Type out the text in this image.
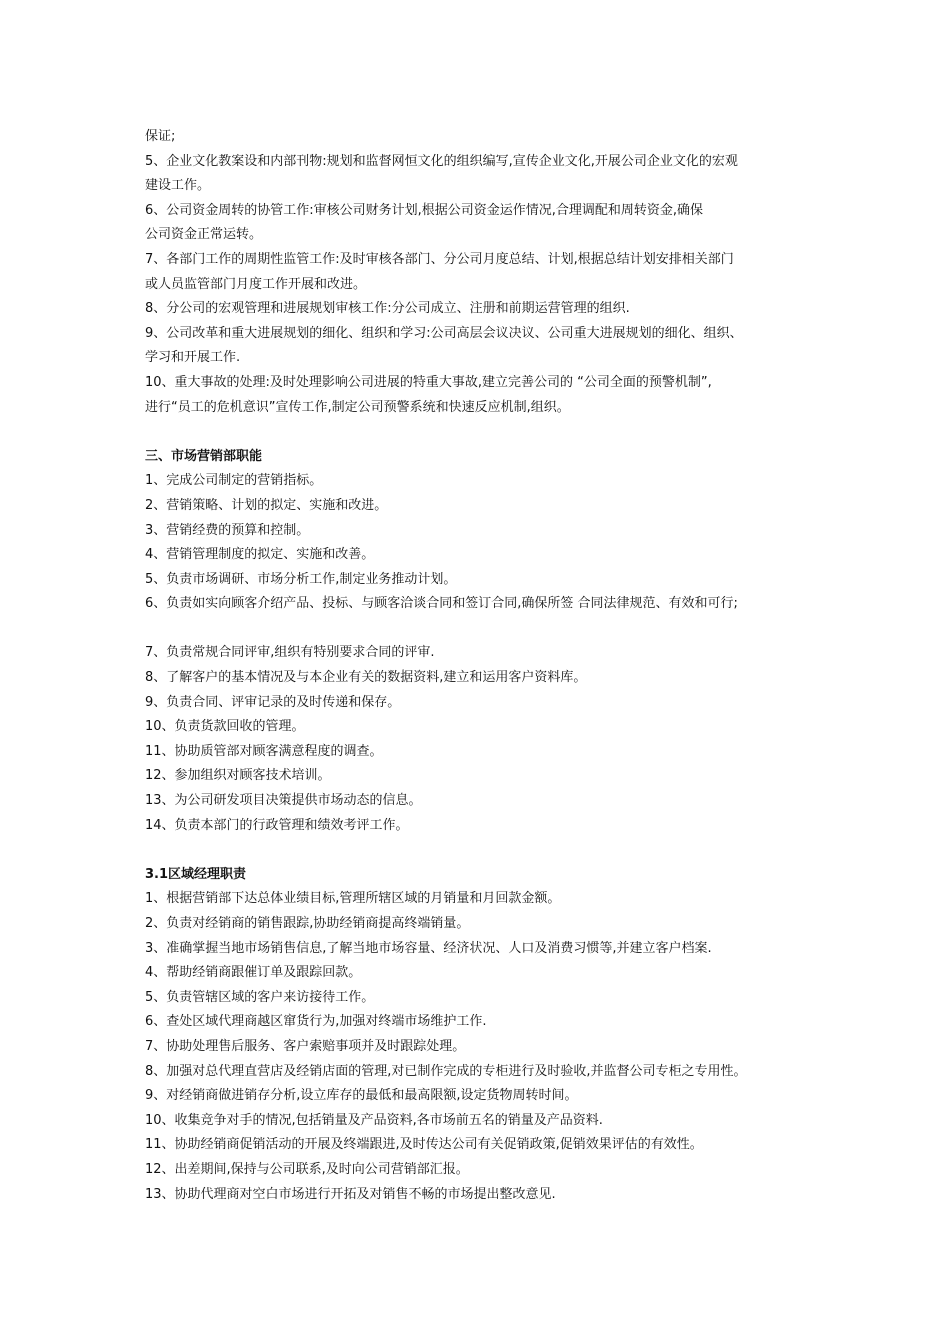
保证;

5、企业文化教案设和内部刊物:规划和监督网恒文化的组织编写,宣传企业文化,开展公司企业文化的宏观

建设工作。

6、公司资金周转的协管工作:审核公司财务计划,根据公司资金运作情况,合理调配和周转资金,确保

公司资金正常运转。

7、各部门工作的周期性监管工作:及时审核各部门、分公司月度总结、计划,根据总结计划安排相关部门

或人员监管部门月度工作开展和改进。

8、分公司的宏观管理和进展规划审核工作:分公司成立、注册和前期运营管理的组织.

9、公司改革和重大进展规划的细化、组织和学习:公司高层会议决议、公司重大进展规划的细化、组织、

学习和开展工作.

10、重大事故的处理:及时处理影响公司进展的特重大事故,建立完善公司的 “公司全面的预警机制”,

进行“员工的危机意识”宣传工作,制定公司预警系统和快速反应机制,组织。

三、市场营销部职能

1、完成公司制定的营销指标。

2、营销策略、计划的拟定、实施和改进。

3、营销经费的预算和控制。

4、营销管理制度的拟定、实施和改善。

5、负责市场调研、市场分析工作,制定业务推动计划。

6、负责如实向顾客介绍产品、投标、与顾客洽谈合同和签订合同,确保所签 合同法律规范、有效和可行;

7、负责常规合同评审,组织有特别要求合同的评审.

8、了解客户的基本情况及与本企业有关的数据资料,建立和运用客户资料库。

9、负责合同、评审记录的及时传递和保存。

10、负责货款回收的管理。

11、协助质管部对顾客满意程度的调查。

12、参加组织对顾客技术培训。

13、为公司研发项目决策提供市场动态的信息。

14、负责本部门的行政管理和绩效考评工作。

3.1区域经理职责

1、根据营销部下达总体业绩目标,管理所辖区域的月销量和月回款金额。

2、负责对经销商的销售跟踪,协助经销商提高终端销量。

3、准确掌握当地市场销售信息,了解当地市场容量、经济状况、人口及消费习惯等,并建立客户档案.

4、帮助经销商跟催订单及跟踪回款。

5、负责管辖区域的客户来访接待工作。

6、查处区域代理商越区窜货行为,加强对终端市场维护工作.

7、协助处理售后服务、客户索赔事项并及时跟踪处理。

8、加强对总代理直营店及经销店面的管理,对已制作完成的专柜进行及时验收,并监督公司专柜之专用性。

9、对经销商做进销存分析,设立库存的最低和最高限额,设定货物周转时间。

10、收集竞争对手的情况,包括销量及产品资料,各市场前五名的销量及产品资料.

11、协助经销商促销活动的开展及终端跟进,及时传达公司有关促销政策,促销效果评估的有效性。

12、出差期间,保持与公司联系,及时向公司营销部汇报。

13、协助代理商对空白市场进行开拓及对销售不畅的市场提出整改意见.
